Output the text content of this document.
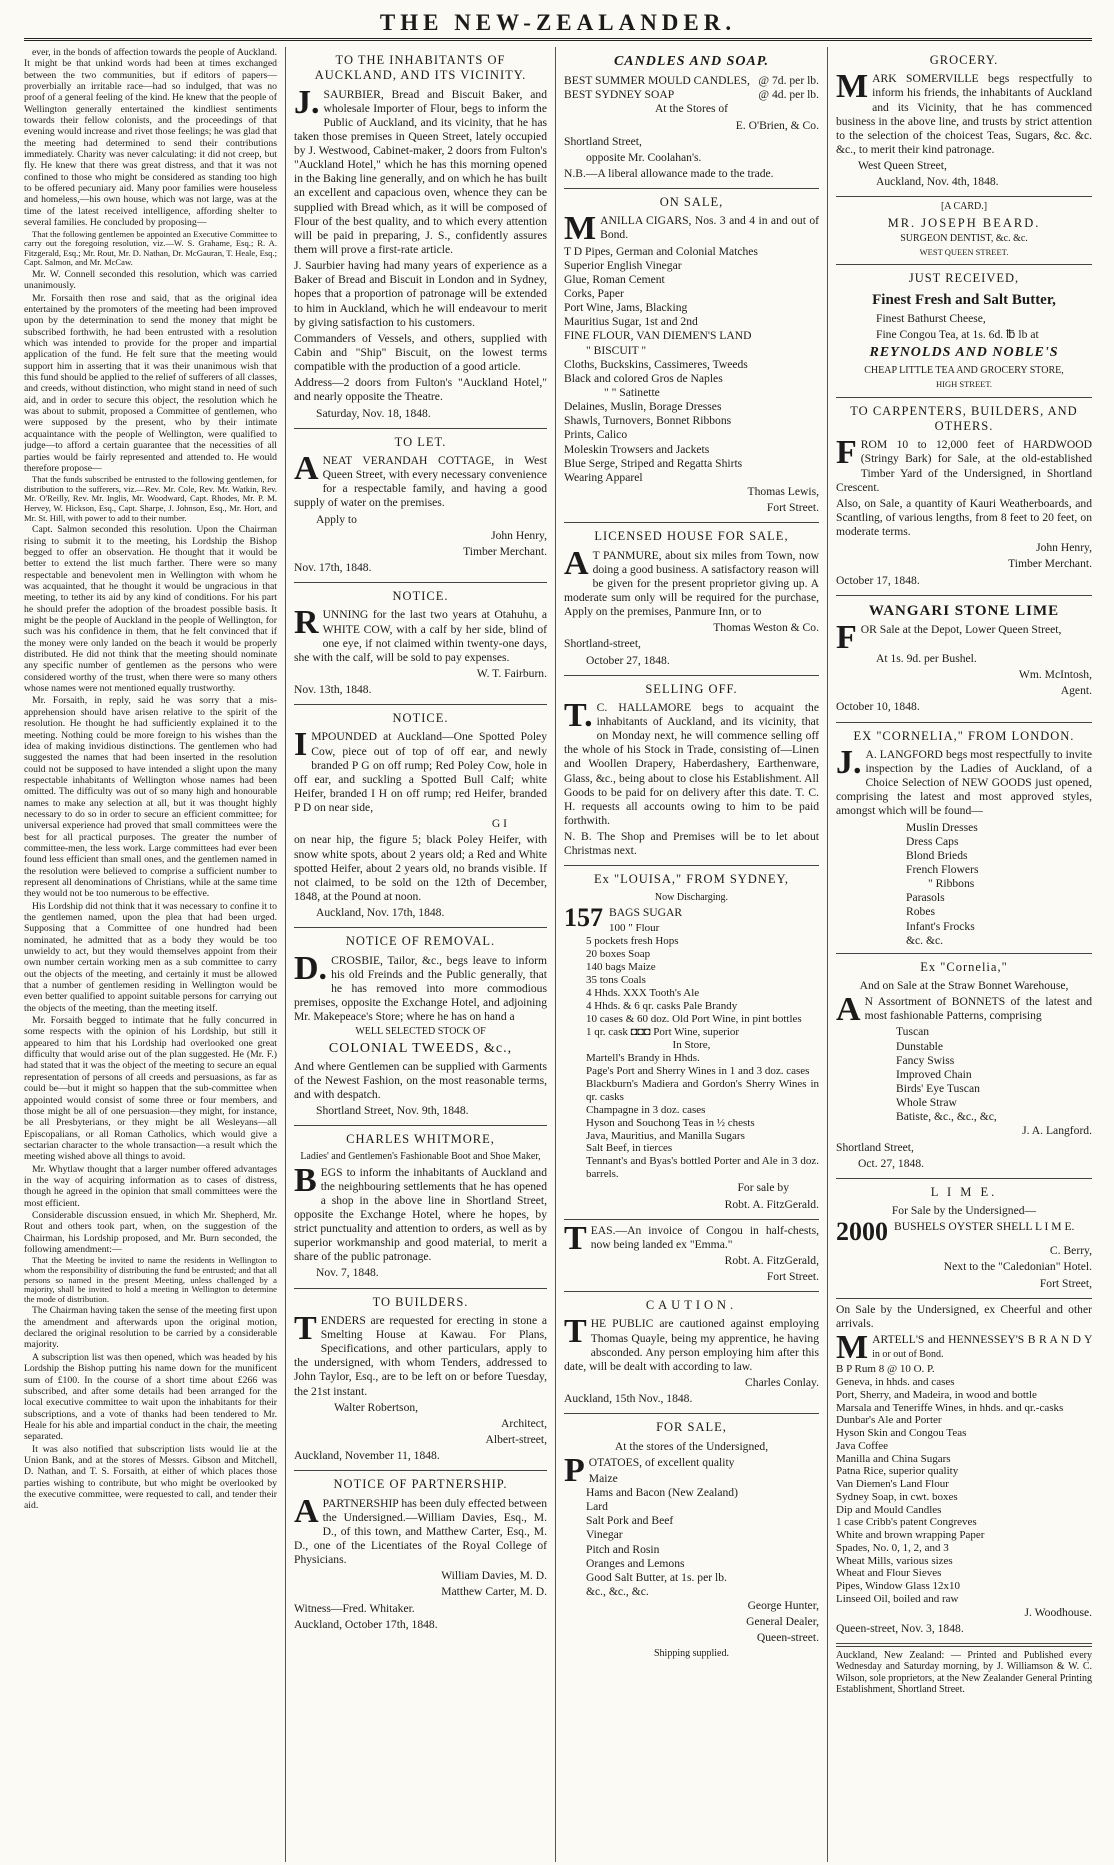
THE NEW-ZEALANDER.

ever, in the bonds of affection towards the people of Auckland. It might be that unkind words had been at times exchanged between the two communities, but if editors of papers—proverbially an irritable race—had so indulged, that was no proof of a general feeling of the kind. He knew that the people of Wellington generally entertained the kindliest sentiments towards their fellow colonists, and the proceedings of that evening would increase and rivet those feelings; he was glad that the meeting had determined to send their contributions immediately. Charity was never calculating: it did not creep, but fly. He knew that there was great distress, and that it was not confined to those who might be considered as standing too high to be offered pecuniary aid. Many poor families were houseless and homeless,—his own house, which was not large, was at the time of the latest received intelligence, affording shelter to several families. He concluded by proposing—

That the following gentlemen be appointed an Executive Committee to carry out the foregoing resolution, viz.—W. S. Grahame, Esq.; R. A. Fitzgerald, Esq.; Mr. Rout, Mr. D. Nathan, Dr. McGauran, T. Heale, Esq.; Capt. Salmon, and Mr. McCaw.

Mr. W. Connell seconded this resolution, which was carried unanimously.

Mr. Forsaith then rose and said, that as the original idea entertained by the promoters of the meeting had been improved upon by the determination to send the money that might be subscribed forthwith, he had been entrusted with a resolution which was intended to provide for the proper and impartial application of the fund. He felt sure that the meeting would support him in asserting that it was their unanimous wish that this fund should be applied to the relief of sufferers of all classes, and creeds, without distinction, who might stand in need of such aid, and in order to secure this object, the resolution which he was about to submit, proposed a Committee of gentlemen, who were supposed by the present, who by their intimate acquaintance with the people of Wellington, were qualified to judge—to afford a certain guarantee that the necessities of all parties would be fairly represented and attended to. He would therefore propose—

That the funds subscribed be entrusted to the following gentlemen, for distribution to the sufferers, viz.—Rev. Mr. Cole, Rev. Mr. Watkin, Rev. Mr. O'Reilly, Rev. Mr. Inglis, Mr. Woodward, Capt. Rhodes, Mr. P. M. Hervey, W. Hickson, Esq., Capt. Sharpe, J. Johnson, Esq., Mr. Hort, and Mr. St. Hill, with power to add to their number.

Capt. Salmon seconded this resolution. Upon the Chairman rising to submit it to the meeting, his Lordship the Bishop begged to offer an observation. He thought that it would be better to extend the list much farther. There were so many respectable and benevolent men in Wellington with whom he was acquainted, that he thought it would be ungracious in that meeting, to tether its aid by any kind of conditions. For his part he should prefer the adoption of the broadest possible basis. It might be the people of Auckland in the people of Wellington, for such was his confidence in them, that he felt convinced that if the money were only landed on the beach it would be properly distributed. He did not think that the meeting should nominate any specific number of gentlemen as the persons who were considered worthy of the trust, when there were so many others whose names were not mentioned equally trustworthy.

Mr. Forsaith, in reply, said he was sorry that a mis-apprehension should have arisen relative to the spirit of the resolution. He thought he had sufficiently explained it to the meeting. Nothing could be more foreign to his wishes than the idea of making invidious distinctions. The gentlemen who had suggested the names that had been inserted in the resolution could not be supposed to have intended a slight upon the many respectable inhabitants of Wellington whose names had been omitted. The difficulty was out of so many high and honourable names to make any selection at all, but it was thought highly necessary to do so in order to secure an efficient committee; for universal experience had proved that small committees were the best for all practical purposes. The greater the number of committee-men, the less work. Large committees had ever been found less efficient than small ones, and the gentlemen named in the resolution were believed to comprise a sufficient number to represent all denominations of Christians, while at the same time they would not be too numerous to be effective.

His Lordship did not think that it was necessary to confine it to the gentlemen named, upon the plea that had been urged. Supposing that a Committee of one hundred had been nominated, he admitted that as a body they would be too unwieldy to act, but they would themselves appoint from their own number certain working men as a sub committee to carry out the objects of the meeting, and certainly it must be allowed that a number of gentlemen residing in Wellington would be even better qualified to appoint suitable persons for carrying out the objects of the meeting, than the meeting itself.

Mr. Forsaith begged to intimate that he fully concurred in some respects with the opinion of his Lordship, but still it appeared to him that his Lordship had overlooked one great difficulty that would arise out of the plan suggested. He (Mr. F.) had stated that it was the object of the meeting to secure an equal representation of persons of all creeds and persuasions, as far as could be—but it might so happen that the sub-committee when appointed would consist of some three or four members, and those might be all of one persuasion—they might, for instance, be all Presbyterians, or they might be all Wesleyans—all Episcopalians, or all Roman Catholics, which would give a sectarian character to the whole transaction—a result which the meeting wished above all things to avoid.

Mr. Whytlaw thought that a larger number offered advantages in the way of acquiring information as to cases of distress, though he agreed in the opinion that small committees were the most efficient.

Considerable discussion ensued, in which Mr. Shepherd, Mr. Rout and others took part, when, on the suggestion of the Chairman, his Lordship proposed, and Mr. Burn seconded, the following amendment:—

That the Meeting be invited to name the residents in Wellington to whom the responsibility of distributing the fund be entrusted; and that all persons so named in the present Meeting, unless challenged by a majority, shall be invited to hold a meeting in Wellington to determine the mode of distribution.

The Chairman having taken the sense of the meeting first upon the amendment and afterwards upon the original motion, declared the original resolution to be carried by a considerable majority.

A subscription list was then opened, which was headed by his Lordship the Bishop putting his name down for the munificent sum of £100. In the course of a short time about £266 was subscribed, and after some details had been arranged for the local executive committee to wait upon the inhabitants for their subscriptions, and a vote of thanks had been tendered to Mr. Heale for his able and impartial conduct in the chair, the meeting separated.

It was also notified that subscription lists would lie at the Union Bank, and at the stores of Messrs. Gibson and Mitchell, D. Nathan, and T. S. Forsaith, at either of which places those parties wishing to contribute, but who might be overlooked by the executive committee, were requested to call, and tender their aid.

TO THE INHABITANTS OF AUCKLAND, AND ITS VICINITY.

J. SAURBIER, Bread and Biscuit Baker, and wholesale Importer of Flour, begs to inform the Public of Auckland, and its vicinity, that he has taken those premises in Queen Street, lately occupied by J. Westwood, Cabinet-maker, 2 doors from Fulton's "Auckland Hotel," which he has this morning opened in the Baking line generally, and on which he has built an excellent and capacious oven, whence they can be supplied with Bread which, as it will be composed of Flour of the best quality, and to which every attention will be paid in preparing, J. S., confidently assures them will prove a first-rate article.

J. Saurbier having had many years of experience as a Baker of Bread and Biscuit in London and in Sydney, hopes that a proportion of patronage will be extended to him in Auckland, which he will endeavour to merit by giving satisfaction to his customers.

Commanders of Vessels, and others, supplied with Cabin and "Ship" Biscuit, on the lowest terms compatible with the production of a good article.

Address—2 doors from Fulton's "Auckland Hotel," and nearly opposite the Theatre.

Saturday, Nov. 18, 1848.

TO LET.

ANEAT VERANDAH COTTAGE, in West Queen Street, with every necessary convenience for a respectable family, and having a good supply of water on the premises.

Apply to

John Henry,

Timber Merchant.

Nov. 17th, 1848.

NOTICE.

RUNNING for the last two years at Otahuhu, a WHITE COW, with a calf by her side, blind of one eye, if not claimed within twenty-one days, she with the calf, will be sold to pay expenses.

W. T. Fairburn.

Nov. 13th, 1848.

NOTICE.

IMPOUNDED at Auckland—One Spotted Poley Cow, piece out of top of off ear, and newly branded P G on off rump; Red Poley Cow, hole in off ear, and suckling a Spotted Bull Calf; white Heifer, branded I H on off rump; red Heifer, branded P D on near side,

G I

on near hip, the figure 5; black Poley Heifer, with snow white spots, about 2 years old; a Red and White spotted Heifer, about 2 years old, no brands visible. If not claimed, to be sold on the 12th of December, 1848, at the Pound at noon.

Auckland, Nov. 17th, 1848.

NOTICE OF REMOVAL.

D. CROSBIE, Tailor, &c., begs leave to inform his old Freinds and the Public generally, that he has removed into more commodious premises, opposite the Exchange Hotel, and adjoining Mr. Makepeace's Store; where he has on hand a

WELL SELECTED STOCK OF

COLONIAL TWEEDS, &c.,

And where Gentlemen can be supplied with Garments of the Newest Fashion, on the most reasonable terms, and with despatch.

Shortland Street, Nov. 9th, 1848.

CHARLES WHITMORE,

Ladies' and Gentlemen's Fashionable Boot and Shoe Maker,

BEGS to inform the inhabitants of Auckland and the neighbouring settlements that he has opened a shop in the above line in Shortland Street, opposite the Exchange Hotel, where he hopes, by strict punctuality and attention to orders, as well as by superior workmanship and good material, to merit a share of the public patronage.

Nov. 7, 1848.

TO BUILDERS.

TENDERS are requested for erecting in stone a Smelting House at Kawau. For Plans, Specifications, and other particulars, apply to the undersigned, with whom Tenders, addressed to John Taylor, Esq., are to be left on or before Tuesday, the 21st instant.

Walter Robertson,

Architect,

Albert-street,

Auckland, November 11, 1848.

NOTICE OF PARTNERSHIP.

APARTNERSHIP has been duly effected between the Undersigned.—William Davies, Esq., M. D., of this town, and Matthew Carter, Esq., M. D., one of the Licentiates of the Royal College of Physicians.

William Davies, M. D.

Matthew Carter, M. D.

Witness—Fred. Whitaker.

Auckland, October 17th, 1848.

CANDLES AND SOAP.
BEST SUMMER MOULD CANDLES, @ 7d. per lb.
BEST SYDNEY SOAP	@ 4d. per lb.

At the Stores of

E. O'Brien, & Co.

Shortland Street,

opposite Mr. Coolahan's.

N.B.—A liberal allowance made to the trade.

ON SALE,

MANILLA CIGARS, Nos. 3 and 4 in and out of Bond.

T D Pipes, German and Colonial Matches
Superior English Vinegar
Glue, Roman Cement
Corks, Paper
Port Wine, Jams, Blacking
Mauritius Sugar, 1st and 2nd
FINE FLOUR, VAN DIEMEN'S LAND
" BISCUIT "
Cloths, Buckskins, Cassimeres, Tweeds
Black and colored Gros de Naples
" " Satinette
Delaines, Muslin, Borage Dresses
Shawls, Turnovers, Bonnet Ribbons
Prints, Calico
Moleskin Trowsers and Jackets
Blue Serge, Striped and Regatta Shirts
Wearing Apparel

Thomas Lewis,

Fort Street.

LICENSED HOUSE FOR SALE,

A T PANMURE, about six miles from Town, now doing a good business. A satisfactory reason will be given for the present proprietor giving up. A moderate sum only will be required for the purchase, Apply on the premises, Panmure Inn, or to

Thomas Weston & Co.

Shortland-street,

October 27, 1848.

SELLING OFF.

T. C. HALLAMORE begs to acquaint the inhabitants of Auckland, and its vicinity, that on Monday next, he will commence selling off the whole of his Stock in Trade, consisting of—Linen and Woollen Drapery, Haberdashery, Earthenware, Glass, &c., being about to close his Establishment. All Goods to be paid for on delivery after this date. T. C. H. requests all accounts owing to him to be paid forthwith.

N. B. The Shop and Premises will be to let about Christmas next.

Ex "LOUISA," FROM SYDNEY,

Now Discharging.

157 BAGS SUGAR

100 " Flour
5 pockets fresh Hops
20 boxes Soap
140 bags Maize
35 tons Coals
4 Hhds. XXX Tooth's Ale
4 Hhds. & 6 qr. casks Pale Brandy
10 cases & 60 doz. Old Port Wine, in pint bottles
1 qr. cask ◘◘◘ Port Wine, superior
In Store,
Martell's Brandy in Hhds.
Page's Port and Sherry Wines in 1 and 3 doz. cases
Blackburn's Madiera and Gordon's Sherry Wines in qr. casks
Champagne in 3 doz. cases
Hyson and Souchong Teas in ½ chests
Java, Mauritius, and Manilla Sugars
Salt Beef, in tierces
Tennant's and Byas's bottled Porter and Ale in 3 doz. barrels.

For sale by

Robt. A. FitzGerald.

TEAS.—An invoice of Congou in half-chests, now being landed ex "Emma."

Robt. A. FitzGerald,

Fort Street.

CAUTION.

THE PUBLIC are cautioned against employing Thomas Quayle, being my apprentice, he having absconded. Any person employing him after this date, will be dealt with according to law.

Charles Conlay.

Auckland, 15th Nov., 1848.

FOR SALE,

At the stores of the Undersigned,

POTATOES, of excellent quality

Maize
Hams and Bacon (New Zealand)
Lard
Salt Pork and Beef
Vinegar
Pitch and Rosin
Oranges and Lemons
Good Salt Butter, at 1s. per lb.
&c., &c., &c.

George Hunter,

General Dealer,

Queen-street.

Shipping supplied.

GROCERY.

MARK SOMERVILLE begs respectfully to inform his friends, the inhabitants of Auckland and its Vicinity, that he has commenced business in the above line, and trusts by strict attention to the selection of the choicest Teas, Sugars, &c. &c. &c., to merit their kind patronage.

West Queen Street,

Auckland, Nov. 4th, 1848.

[A CARD.]

MR. JOSEPH BEARD.

SURGEON DENTIST, &c. &c.

WEST QUEEN STREET.

JUST RECEIVED,

Finest Fresh and Salt Butter,

Finest Bathurst Cheese,

Fine Congou Tea, at 1s. 6d. ℔ lb at

REYNOLDS AND NOBLE'S

CHEAP LITTLE TEA AND GROCERY STORE,

HIGH STREET.

TO CARPENTERS, BUILDERS, AND OTHERS.

FROM 10 to 12,000 feet of HARDWOOD (Stringy Bark) for Sale, at the old-established Timber Yard of the Undersigned, in Shortland Crescent.

Also, on Sale, a quantity of Kauri Weatherboards, and Scantling, of various lengths, from 8 feet to 20 feet, on moderate terms.

John Henry,

Timber Merchant.

October 17, 1848.

WANGARI STONE LIME

FOR Sale at the Depot, Lower Queen Street,

At 1s. 9d. per Bushel.

Wm. McIntosh,

Agent.

October 10, 1848.

EX "CORNELIA," FROM LONDON.

J. A. LANGFORD begs most respectfully to invite inspection by the Ladies of Auckland, of a Choice Selection of NEW GOODS just opened, comprising the latest and most approved styles, amongst which will be found—

Muslin Dresses
Dress Caps
Blond Brieds
French Flowers
" Ribbons
Parasols
Robes
Infant's Frocks
&c. &c.
Ex "Cornelia,"

And on Sale at the Straw Bonnet Warehouse,

A N Assortment of BONNETS of the latest and most fashionable Patterns, comprising

Tuscan
Dunstable
Fancy Swiss
Improved Chain
Birds' Eye Tuscan
Whole Straw
Batiste, &c., &c., &c,

J. A. Langford.

Shortland Street,

Oct. 27, 1848.

L I M E.

For Sale by the Undersigned—

2000 BUSHELS OYSTER SHELL L I M E.

C. Berry,

Next to the "Caledonian" Hotel.

Fort Street,

On Sale by the Undersigned, ex Cheerful and other arrivals.

MARTELL'S and HENNESSEY'S B R A N D Y in or out of Bond.

B P Rum 8 @ 10 O. P.
Geneva, in hhds. and cases
Port, Sherry, and Madeira, in wood and bottle
Marsala and Teneriffe Wines, in hhds. and qr.-casks
Dunbar's Ale and Porter
Hyson Skin and Congou Teas
Java Coffee
Manilla and China Sugars
Patna Rice, superior quality
Van Diemen's Land Flour
Sydney Soap, in cwt. boxes
Dip and Mould Candles
1 case Cribb's patent Congreves
White and brown wrapping Paper
Spades, No. 0, 1, 2, and 3
Wheat Mills, various sizes
Wheat and Flour Sieves
Pipes, Window Glass 12x10
Linseed Oil, boiled and raw

J. Woodhouse.

Queen-street, Nov. 3, 1848.

Auckland, New Zealand: — Printed and Published every Wednesday and Saturday morning, by J. Williamson & W. C. Wilson, sole proprietors, at the New Zealander General Printing Establishment, Shortland Street.
